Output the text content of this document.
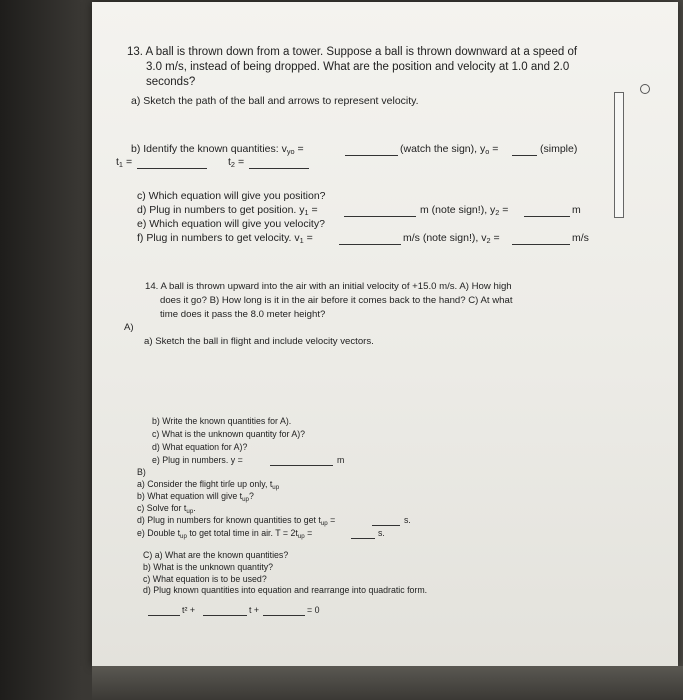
13. A ball is thrown down from a tower. Suppose a ball is thrown downward at a speed of
3.0 m/s, instead of being dropped. What are the position and velocity at 1.0 and 2.0
seconds?
a) Sketch the path of the ball and arrows to represent velocity.
b) Identify the known quantities: $v_{yo}$ =	(watch the sign), $y_o$ =	(simple)
$t_1$ =	$t_2$ =
c) Which equation will give you position?
d) Plug in numbers to get position. $y_1$ =	m (note sign!), $y_2$ =	m
e) Which equation will give you velocity?
f) Plug in numbers to get velocity. $v_1$ =	m/s (note sign!), $v_2$ =	m/s
14. A ball is thrown upward into the air with an initial velocity of +15.0 m/s. A) How high
does it go? B) How long is it in the air before it comes back to the hand? C) At what
time does it pass the 8.0 meter height?
A)
a) Sketch the ball in flight and include velocity vectors.
b) Write the known quantities for A).
c) What is the unknown quantity for A)?
d) What equation for A)?
e) Plug in numbers. y =	m
B)
a) Consider the flight tirſe up only, $t_{up}$
b) What equation will give $t_{up}$?
c) Solve for $t_{up}$.
d) Plug in numbers for known quantities to get $t_{up}$ =	s.
e) Double $t_{up}$ to get total time in air. $T = 2t_{up}$ =	s.
C) a) What are the known quantities?
b) What is the unknown quantity?
c) What equation is to be used?
d) Plug known quantities into equation and rearrange into quadratic form.
t² +	t +	= 0
